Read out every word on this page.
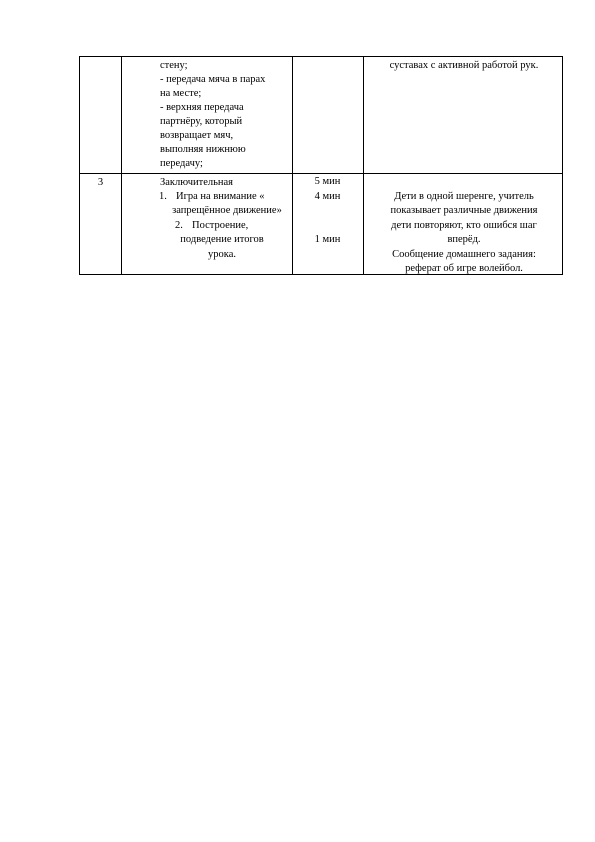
стену;
- передача мяча в парах
на месте;
- верхняя передача
партнёру, который
возвращает мяч,
выполняя нижнюю
передачу;
суставах с активной работой рук.
3	Заключительная
1. Игра на внимание «
запрещённое движение»
2. Построение,
подведение итогов
урока.
5 мин
4 мин
1 мин
Дети в одной шеренге, учитель
показывает различные движения
дети повторяют, кто ошибся шаг
вперёд.
Сообщение домашнего задания:
реферат об игре волейбол.
